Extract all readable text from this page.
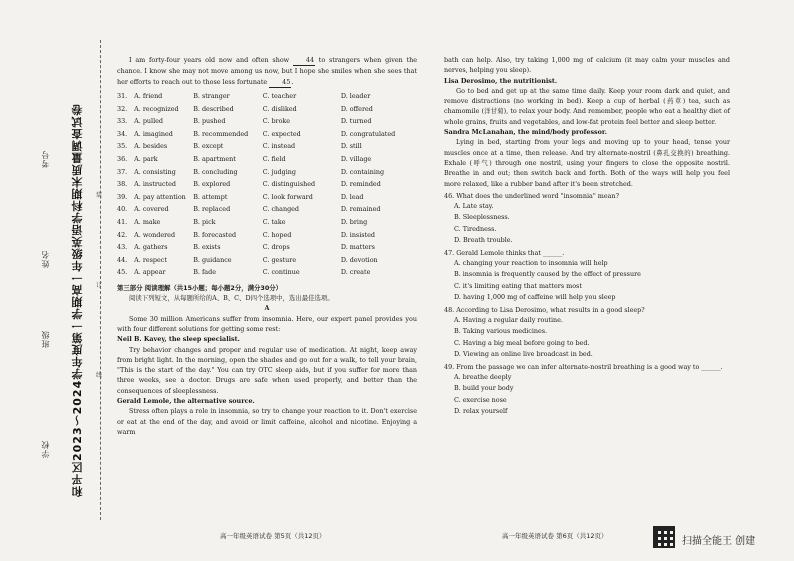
学校
班级
姓名
考号 和平区2023～2024学年度第一学期高一年级英语学科期末质量调查试卷	装
订
线

I am forty-four years old now and often show 44 to strangers when given the chance. I know she may not move among us now, but I hope she smiles when she sees that her efforts to reach out to those less fortunate 45.

31.	A. friend	B. stranger	C. teacher	D. leader
32.	A. recognized	B. described	C. disliked	D. offered
33.	A. pulled	B. pushed	C. broke	D. turned
34.	A. imagined	B. recommended	C. expected	D. congratulated
35.	A. besides	B. except	C. instead	D. still
36.	A. park	B. apartment	C. field	D. village
37.	A. consisting	B. concluding	C. judging	D. containing
38.	A. instructed	B. explored	C. distinguished	D. reminded
39.	A. pay attention	B. attempt	C. look forward	D. lead
40.	A. covered	B. replaced	C. changed	D. remained
41.	A. make	B. pick	C. take	D. bring
42.	A. wondered	B. forecasted	C. hoped	D. insisted
43.	A. gathers	B. exists	C. drops	D. matters
44.	A. respect	B. guidance	C. gesture	D. devotion
45.	A. appear	B. fade	C. continue	D. create

第三部分 阅读理解（共15小题；每小题2分，满分30分）

阅读下列短文，从每题所给的A、B、C、D四个选项中，选出最佳选项。

A

Some 30 million Americans suffer from insomnia. Here, our expert panel provides you with four different solutions for getting some rest:

Neil B. Kavey, the sleep specialist.

Try behavior changes and proper and regular use of medication. At night, keep away from bright light. In the morning, open the shades and go out for a walk, to tell your brain, "This is the start of the day." You can try OTC sleep aids, but if you suffer for more than three weeks, see a doctor. Drugs are safe when used properly, and better than the consequences of sleeplessness.

Gerald Lemole, the alternative source.

Stress often plays a role in insomnia, so try to change your reaction to it. Don't exercise or eat at the end of the day, and avoid or limit caffeine, alcohol and nicotine. Enjoying a warm

bath can help. Also, try taking 1,000 mg of calcium (it may calm your muscles and nerves, helping you sleep).

Lisa Derosimo, the nutritionist.

Go to bed and get up at the same time daily. Keep your room dark and quiet, and remove distractions (no working in bed). Keep a cup of herbal (药草) tea, such as chamomile (洋甘菊), to relax your body. And remember, people who eat a healthy diet of whole grains, fruits and vegetables, and low-fat protein feel better and sleep better.

Sandra McLanahan, the mind/body professor.

Lying in bed, starting from your legs and moving up to your head, tense your muscles once at a time, then release. And try alternate-nostril (鼻孔交换的) breathing. Exhale (呼气) through one nostril, using your fingers to close the opposite nostril. Breathe in and out; then switch back and forth. Both of the ways will help you feel more relaxed, like a rubber band after it's been stretched.

46. What does the underlined word "insomnia" mean?

A. Late stay.

B. Sleeplessness.

C. Tiredness.

D. Breath trouble.

47. Gerald Lemole thinks that ______.

A. changing your reaction to insomnia will help

B. insomnia is frequently caused by the effect of pressure

C. it's limiting eating that matters most

D. having 1,000 mg of caffeine will help you sleep

48. According to Lisa Derosimo, what results in a good sleep?

A. Having a regular daily routine.

B. Taking various medicines.

C. Having a big meal before going to bed.

D. Viewing an online live broadcast in bed.

49. From the passage we can infer alternate-nostril breathing is a good way to ______.

A. breathe deeply

B. build your body

C. exercise nose

D. relax yourself

高一年级英语试卷 第5页（共12页）	高一年级英语试卷 第6页（共12页）	扫描全能王 创建
